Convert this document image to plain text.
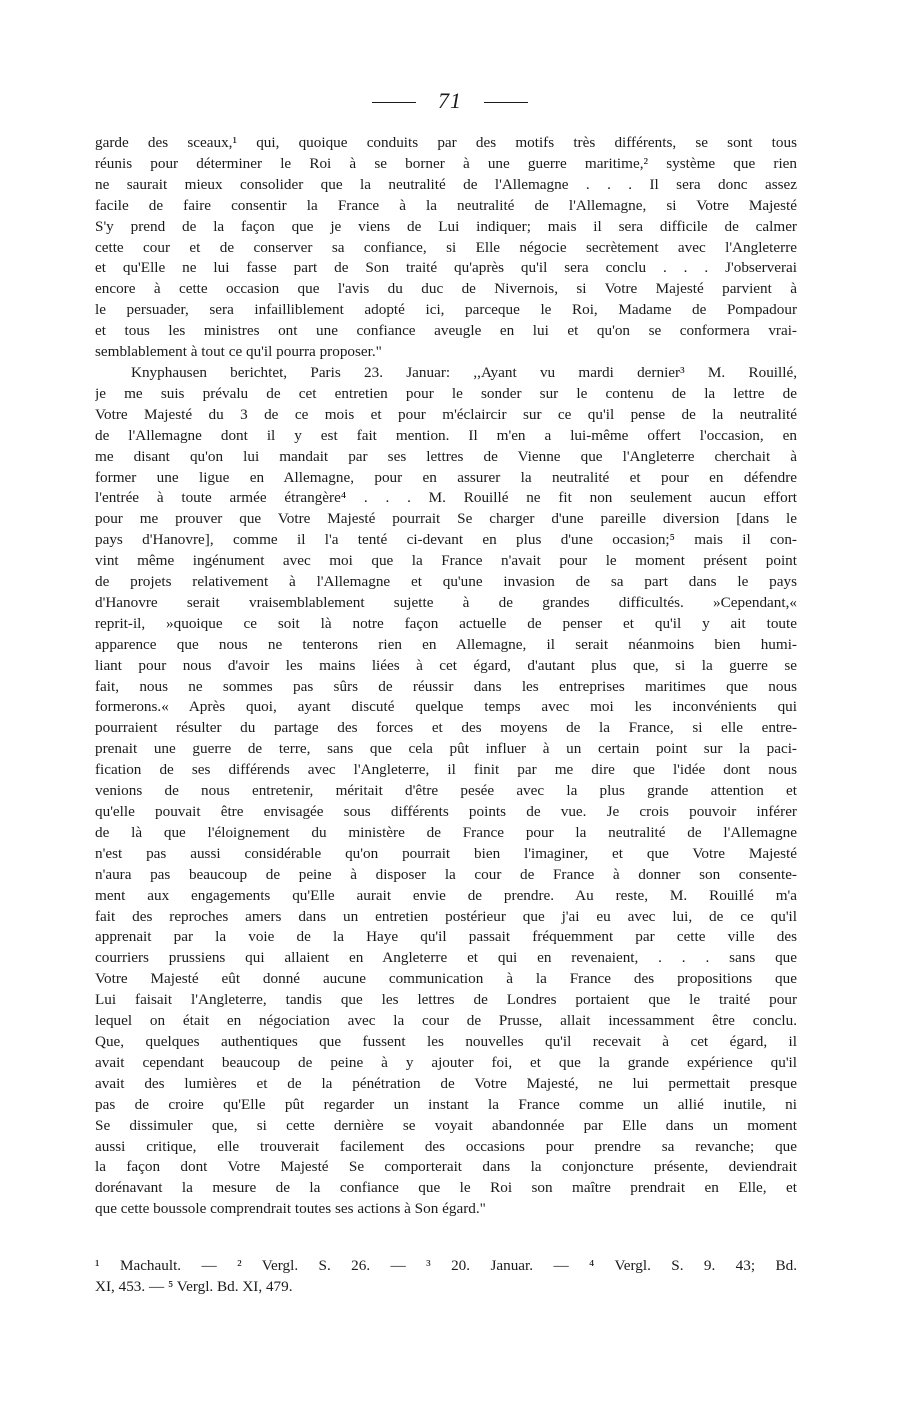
71

garde des sceaux,¹ qui, quoique conduits par des motifs très différents, se sont tous
réunis pour déterminer le Roi à se borner à une guerre maritime,² système que rien
ne saurait mieux consolider que la neutralité de l'Allemagne . . . Il sera donc assez
facile de faire consentir la France à la neutralité de l'Allemagne, si Votre Majesté
S'y prend de la façon que je viens de Lui indiquer; mais il sera difficile de calmer
cette cour et de conserver sa confiance, si Elle négocie secrètement avec l'Angleterre
et qu'Elle ne lui fasse part de Son traité qu'après qu'il sera conclu . . . J'observerai
encore à cette occasion que l'avis du duc de Nivernois, si Votre Majesté parvient à
le persuader, sera infailliblement adopté ici, parceque le Roi, Madame de Pompadour
et tous les ministres ont une confiance aveugle en lui et qu'on se conformera vrai-
semblablement à tout ce qu'il pourra proposer."

Knyphausen berichtet, Paris 23. Januar: ,,Ayant vu mardi dernier³ M. Rouillé,
je me suis prévalu de cet entretien pour le sonder sur le contenu de la lettre de
Votre Majesté du 3 de ce mois et pour m'éclaircir sur ce qu'il pense de la neutralité
de l'Allemagne dont il y est fait mention. Il m'en a lui-même offert l'occasion, en
me disant qu'on lui mandait par ses lettres de Vienne que l'Angleterre cherchait à
former une ligue en Allemagne, pour en assurer la neutralité et pour en défendre
l'entrée à toute armée étrangère⁴ . . . M. Rouillé ne fit non seulement aucun effort
pour me prouver que Votre Majesté pourrait Se charger d'une pareille diversion [dans le
pays d'Hanovre], comme il l'a tenté ci-devant en plus d'une occasion;⁵ mais il con-
vint même ingénument avec moi que la France n'avait pour le moment présent point
de projets relativement à l'Allemagne et qu'une invasion de sa part dans le pays
d'Hanovre serait vraisemblablement sujette à de grandes difficultés. »Cependant,«
reprit-il, »quoique ce soit là notre façon actuelle de penser et qu'il y ait toute
apparence que nous ne tenterons rien en Allemagne, il serait néanmoins bien humi-
liant pour nous d'avoir les mains liées à cet égard, d'autant plus que, si la guerre se
fait, nous ne sommes pas sûrs de réussir dans les entreprises maritimes que nous
formerons.« Après quoi, ayant discuté quelque temps avec moi les inconvénients qui
pourraient résulter du partage des forces et des moyens de la France, si elle entre-
prenait une guerre de terre, sans que cela pût influer à un certain point sur la paci-
fication de ses différends avec l'Angleterre, il finit par me dire que l'idée dont nous
venions de nous entretenir, méritait d'être pesée avec la plus grande attention et
qu'elle pouvait être envisagée sous différents points de vue. Je crois pouvoir inférer
de là que l'éloignement du ministère de France pour la neutralité de l'Allemagne
n'est pas aussi considérable qu'on pourrait bien l'imaginer, et que Votre Majesté
n'aura pas beaucoup de peine à disposer la cour de France à donner son consente-
ment aux engagements qu'Elle aurait envie de prendre. Au reste, M. Rouillé m'a
fait des reproches amers dans un entretien postérieur que j'ai eu avec lui, de ce qu'il
apprenait par la voie de la Haye qu'il passait fréquemment par cette ville des
courriers prussiens qui allaient en Angleterre et qui en revenaient, . . . sans que
Votre Majesté eût donné aucune communication à la France des propositions que
Lui faisait l'Angleterre, tandis que les lettres de Londres portaient que le traité pour
lequel on était en négociation avec la cour de Prusse, allait incessamment être conclu.
Que, quelques authentiques que fussent les nouvelles qu'il recevait à cet égard, il
avait cependant beaucoup de peine à y ajouter foi, et que la grande expérience qu'il
avait des lumières et de la pénétration de Votre Majesté, ne lui permettait presque
pas de croire qu'Elle pût regarder un instant la France comme un allié inutile, ni
Se dissimuler que, si cette dernière se voyait abandonnée par Elle dans un moment
aussi critique, elle trouverait facilement des occasions pour prendre sa revanche; que
la façon dont Votre Majesté Se comporterait dans la conjoncture présente, deviendrait
dorénavant la mesure de la confiance que le Roi son maître prendrait en Elle, et
que cette boussole comprendrait toutes ses actions à Son égard."

¹ Machault. — ² Vergl. S. 26. — ³ 20. Januar. — ⁴ Vergl. S. 9. 43; Bd.
XI, 453. — ⁵ Vergl. Bd. XI, 479.
